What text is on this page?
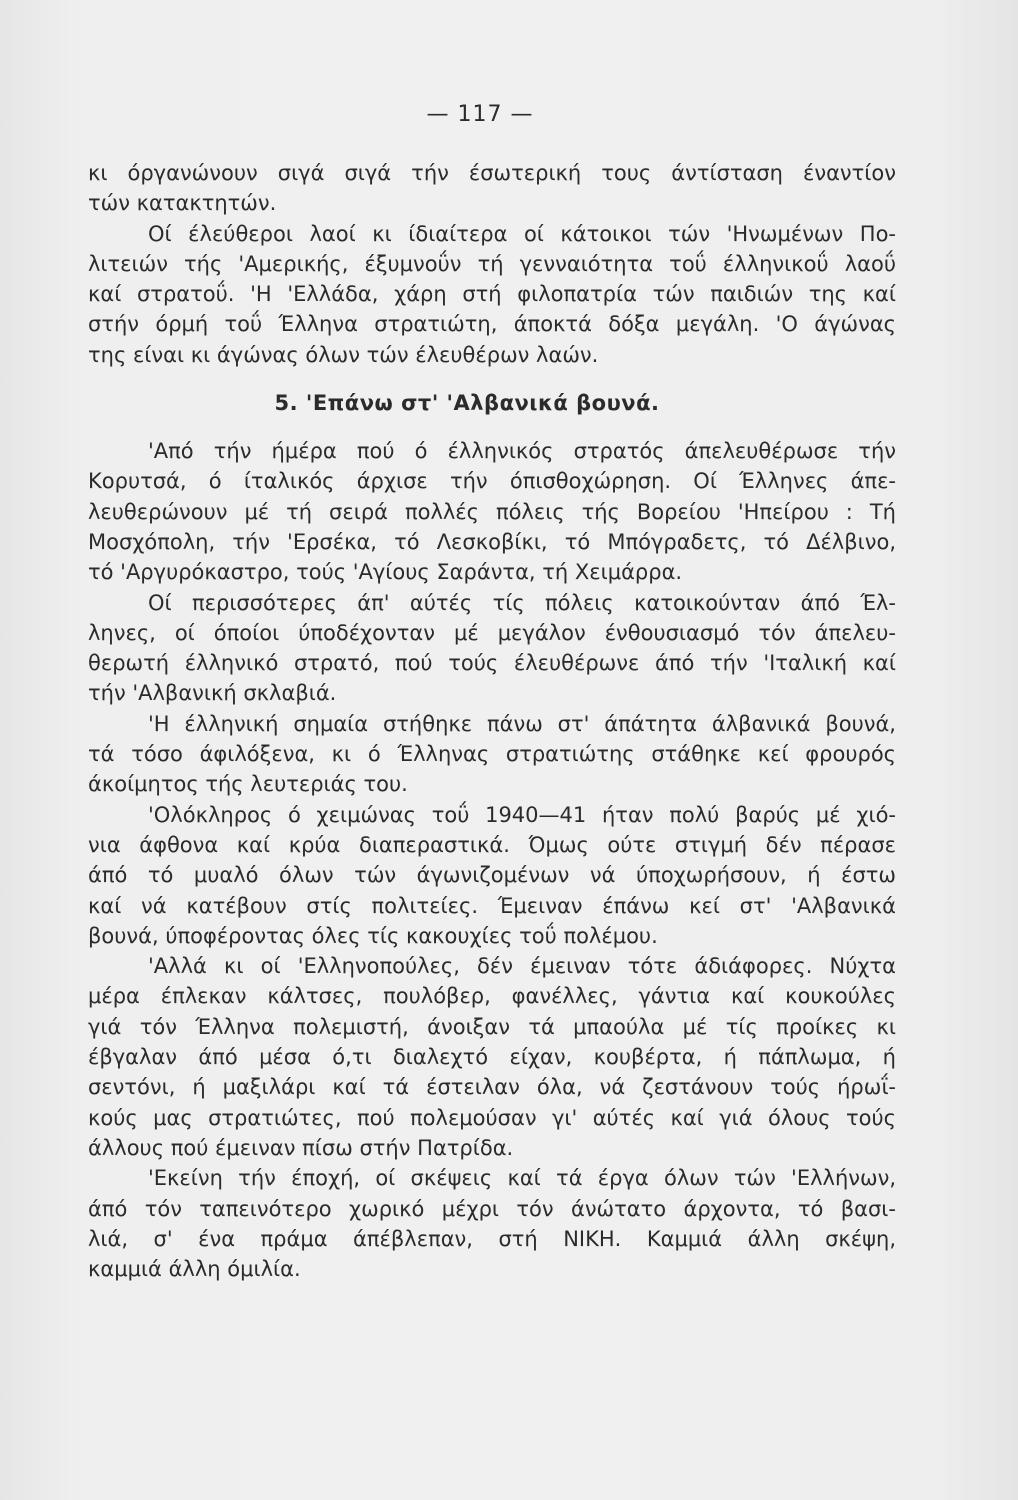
— 117 —
κι όργανώνουν σιγά σιγά τήν έσωτερική τους άντίσταση έναντίον
τών κατακτητών.
Οί έλεύθεροι λαοί κι ίδιαίτερα οί κάτοικοι τών 'Ηνωμένων Πο-
λιτειών τής 'Αμερικής, έξυμνοΰν τή γενναιότητα τοΰ έλληνικοΰ λαοΰ
καί στρατοΰ. 'Η 'Ελλάδα, χάρη στή φιλοπατρία τών παιδιών της καί
στήν όρμή τοΰ Έλληνα στρατιώτη, άποκτά δόξα μεγάλη. 'Ο άγώνας
της είναι κι άγώνας όλων τών έλευθέρων λαών.
5. 'Επάνω στ' 'Αλβανικά βουνά.
'Από τήν ήμέρα πού ό έλληνικός στρατός άπελευθέρωσε τήν
Κορυτσά, ό ίταλικός άρχισε τήν όπισθοχώρηση. Οί Έλληνες άπε-
λευθερώνουν μέ τή σειρά πολλές πόλεις τής Βορείου 'Ηπείρου : Τή
Μοσχόπολη, τήν 'Ερσέκα, τό Λεσκοβίκι, τό Μπόγραδετς, τό Δέλβινο,
τό 'Αργυρόκαστρο, τούς 'Αγίους Σαράντα, τή Χειμάρρα.
Οί περισσότερες άπ' αύτές τίς πόλεις κατοικούνταν άπό Έλ-
ληνες, οί όποίοι ύποδέχονταν μέ μεγάλον ένθουσιασμό τόν άπελευ-
θερωτή έλληνικό στρατό, πού τούς έλευθέρωνε άπό τήν 'Ιταλική καί
τήν 'Αλβανική σκλαβιά.
'Η έλληνική σημαία στήθηκε πάνω στ' άπάτητα άλβανικά βουνά,
τά τόσο άφιλόξενα, κι ό Έλληνας στρατιώτης στάθηκε κεί φρουρός
άκοίμητος τής λευτεριάς του.
'Ολόκληρος ό χειμώνας τοΰ 1940—41 ήταν πολύ βαρύς μέ χιό-
νια άφθονα καί κρύα διαπεραστικά. Όμως ούτε στιγμή δέν πέρασε
άπό τό μυαλό όλων τών άγωνιζομένων νά ύποχωρήσουν, ή έστω
καί νά κατέβουν στίς πολιτείες. Έμειναν έπάνω κεί στ' 'Αλβανικά
βουνά, ύποφέροντας όλες τίς κακουχίες τοΰ πολέμου.
'Αλλά κι οί 'Ελληνοπούλες, δέν έμειναν τότε άδιάφορες. Νύχτα
μέρα έπλεκαν κάλτσες, πουλόβερ, φανέλλες, γάντια καί κουκούλες
γιά τόν Έλληνα πολεμιστή, άνοιξαν τά μπαούλα μέ τίς προίκες κι
έβγαλαν άπό μέσα ό,τι διαλεχτό είχαν, κουβέρτα, ή πάπλωμα, ή
σεντόνι, ή μαξιλάρι καί τά έστειλαν όλα, νά ζεστάνουν τούς ήρωΐ-
κούς μας στρατιώτες, πού πολεμούσαν γι' αύτές καί γιά όλους τούς
άλλους πού έμειναν πίσω στήν Πατρίδα.
'Εκείνη τήν έποχή, οί σκέψεις καί τά έργα όλων τών 'Ελλήνων,
άπό τόν ταπεινότερο χωρικό μέχρι τόν άνώτατο άρχοντα, τό βασι-
λιά, σ' ένα πράμα άπέβλεπαν, στή ΝΙΚΗ. Καμμιά άλλη σκέψη,
καμμιά άλλη όμιλία.
